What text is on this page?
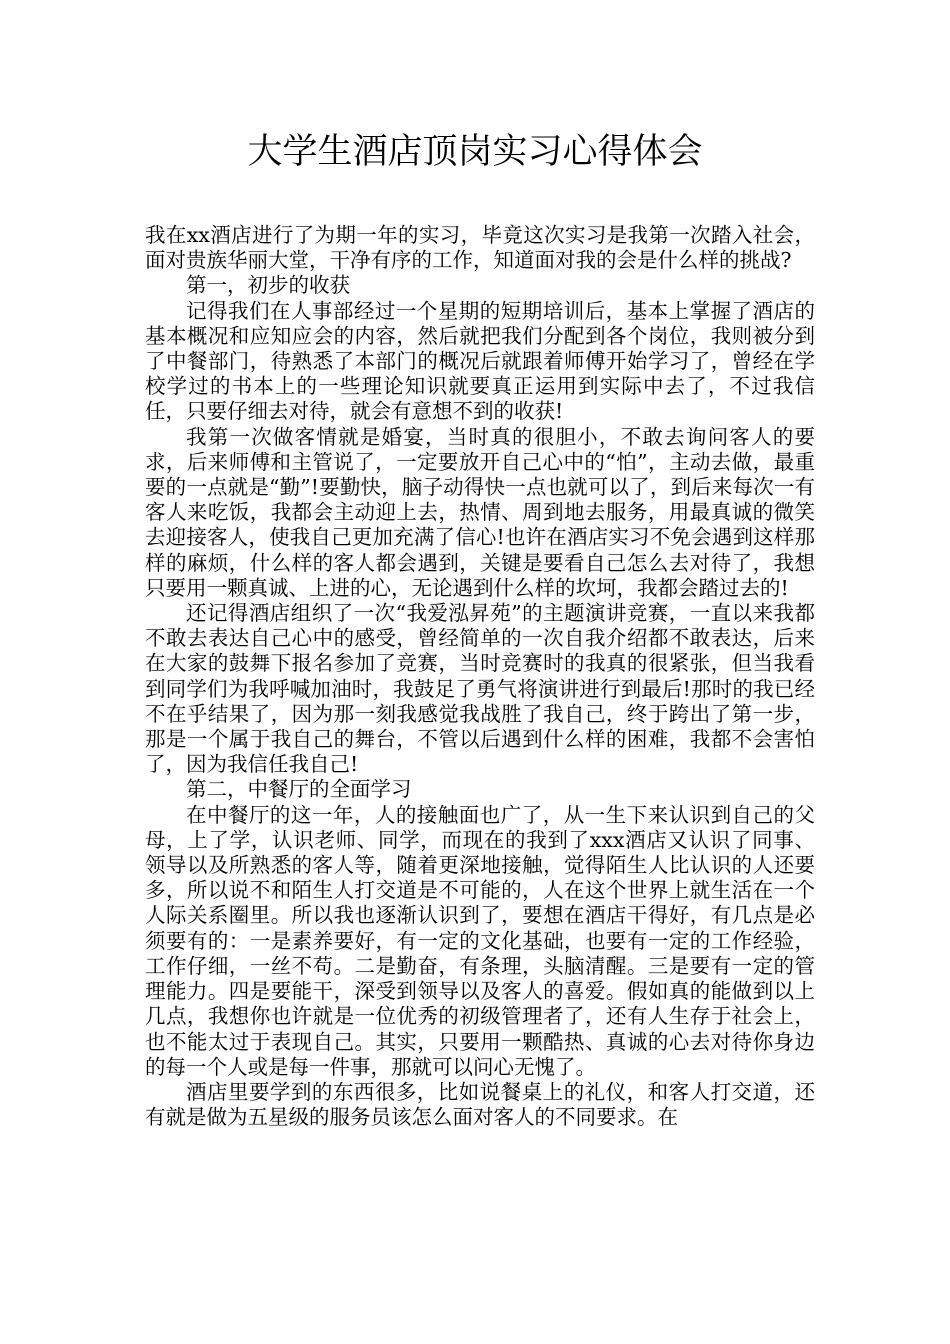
大学生酒店顶岗实习心得体会

我在xx酒店进行了为期一年的实习，毕竟这次实习是我第一次踏入社会，面对贵族华丽大堂，干净有序的工作，知道面对我的会是什么样的挑战?

第一，初步的收获

记得我们在人事部经过一个星期的短期培训后，基本上掌握了酒店的基本概况和应知应会的内容，然后就把我们分配到各个岗位，我则被分到了中餐部门，待熟悉了本部门的概况后就跟着师傅开始学习了，曾经在学校学过的书本上的一些理论知识就要真正运用到实际中去了，不过我信任，只要仔细去对待，就会有意想不到的收获!

我第一次做客情就是婚宴，当时真的很胆小，不敢去询问客人的要求，后来师傅和主管说了，一定要放开自己心中的“怕”，主动去做，最重要的一点就是“勤”!要勤快，脑子动得快一点也就可以了，到后来每次一有客人来吃饭，我都会主动迎上去，热情、周到地去服务，用最真诚的微笑去迎接客人，使我自己更加充满了信心!也许在酒店实习不免会遇到这样那样的麻烦，什么样的客人都会遇到，关键是要看自己怎么去对待了，我想只要用一颗真诚、上进的心，无论遇到什么样的坎坷，我都会踏过去的!

还记得酒店组织了一次“我爱泓昇苑”的主题演讲竞赛，一直以来我都不敢去表达自己心中的感受，曾经简单的一次自我介绍都不敢表达，后来在大家的鼓舞下报名参加了竞赛，当时竞赛时的我真的很紧张，但当我看到同学们为我呼喊加油时，我鼓足了勇气将演讲进行到最后!那时的我已经不在乎结果了，因为那一刻我感觉我战胜了我自己，终于跨出了第一步，那是一个属于我自己的舞台，不管以后遇到什么样的困难，我都不会害怕了，因为我信任我自己!

第二，中餐厅的全面学习

在中餐厅的这一年，人的接触面也广了，从一生下来认识到自己的父母，上了学，认识老师、同学，而现在的我到了xxx酒店又认识了同事、领导以及所熟悉的客人等，随着更深地接触，觉得陌生人比认识的人还要多，所以说不和陌生人打交道是不可能的，人在这个世界上就生活在一个人际关系圈里。所以我也逐渐认识到了，要想在酒店干得好，有几点是必须要有的：一是素养要好，有一定的文化基础，也要有一定的工作经验，工作仔细，一丝不苟。二是勤奋，有条理，头脑清醒。三是要有一定的管理能力。四是要能干，深受到领导以及客人的喜爱。假如真的能做到以上几点，我想你也许就是一位优秀的初级管理者了，还有人生存于社会上，也不能太过于表现自己。其实，只要用一颗酷热、真诚的心去对待你身边的每一个人或是每一件事，那就可以问心无愧了。

酒店里要学到的东西很多，比如说餐桌上的礼仪，和客人打交道，还有就是做为五星级的服务员该怎么面对客人的不同要求。在
